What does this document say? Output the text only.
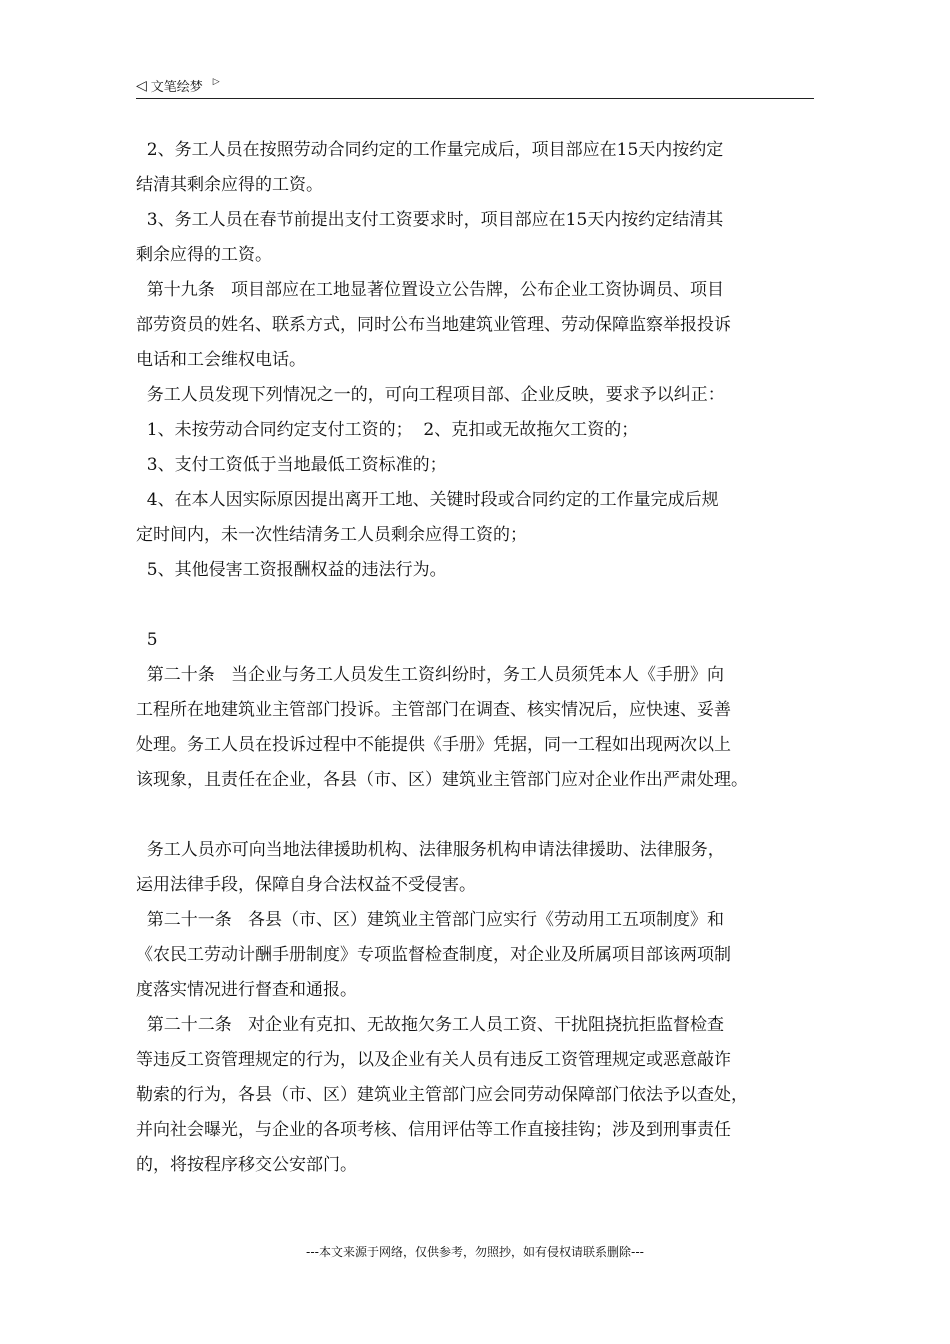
◁ 文笔绘梦 ▷
2、务工人员在按照劳动合同约定的工作量完成后，项目部应在15天内按约定
结清其剩余应得的工资。
3、务工人员在春节前提出支付工资要求时，项目部应在15天内按约定结清其
剩余应得的工资。
第十九条   项目部应在工地显著位置设立公告牌，公布企业工资协调员、项目
部劳资员的姓名、联系方式，同时公布当地建筑业管理、劳动保障监察举报投诉
电话和工会维权电话。
务工人员发现下列情况之一的，可向工程项目部、企业反映，要求予以纠正：
1、未按劳动合同约定支付工资的；  2、克扣或无故拖欠工资的；
3、支付工资低于当地最低工资标准的；
4、在本人因实际原因提出离开工地、关键时段或合同约定的工作量完成后规
定时间内，未一次性结清务工人员剩余应得工资的；
5、其他侵害工资报酬权益的违法行为。
5
第二十条   当企业与务工人员发生工资纠纷时，务工人员须凭本人《手册》向
工程所在地建筑业主管部门投诉。主管部门在调查、核实情况后，应快速、妥善
处理。务工人员在投诉过程中不能提供《手册》凭据，同一工程如出现两次以上
该现象，且责任在企业，各县（市、区）建筑业主管部门应对企业作出严肃处理。
务工人员亦可向当地法律援助机构、法律服务机构申请法律援助、法律服务，
运用法律手段，保障自身合法权益不受侵害。
第二十一条   各县（市、区）建筑业主管部门应实行《劳动用工五项制度》和
《农民工劳动计酬手册制度》专项监督检查制度，对企业及所属项目部该两项制
度落实情况进行督查和通报。
第二十二条   对企业有克扣、无故拖欠务工人员工资、干扰阻挠抗拒监督检查
等违反工资管理规定的行为，以及企业有关人员有违反工资管理规定或恶意敲诈
勒索的行为，各县（市、区）建筑业主管部门应会同劳动保障部门依法予以查处，
并向社会曝光，与企业的各项考核、信用评估等工作直接挂钩；涉及到刑事责任
的，将按程序移交公安部门。
---本文来源于网络，仅供参考，勿照抄，如有侵权请联系删除---
